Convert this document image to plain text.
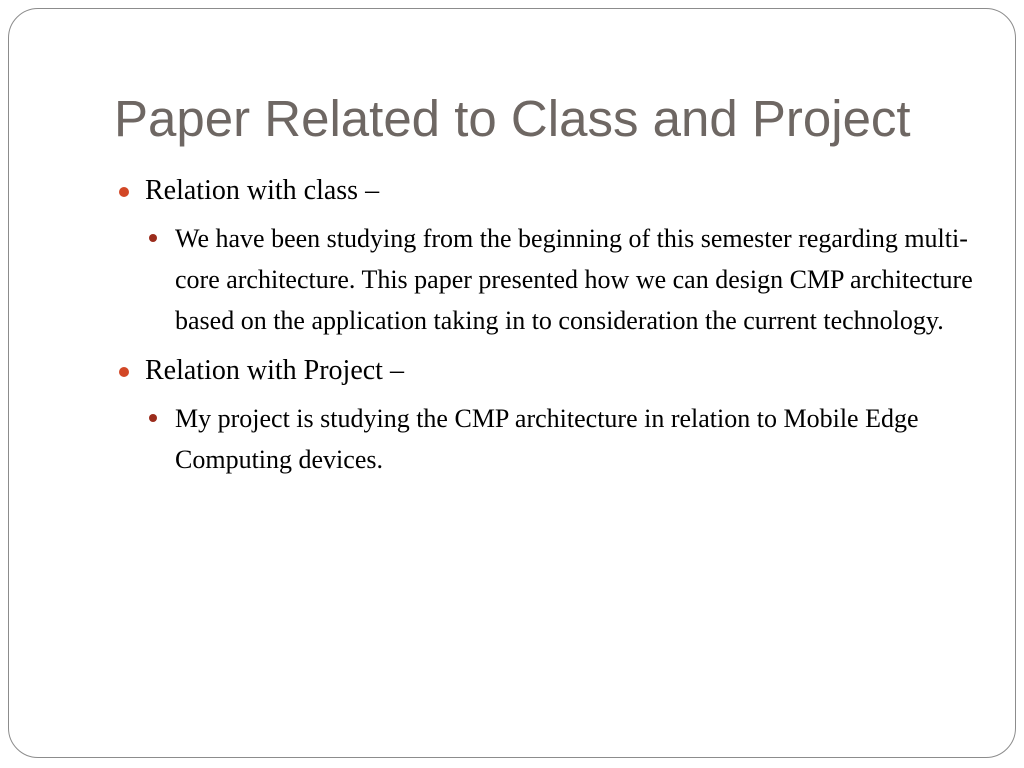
Paper Related to Class and Project
Relation with class –
We have been studying from the beginning of this semester regarding multi-core architecture. This paper presented how we can design CMP architecture based on the application taking in to consideration the current technology.
Relation with Project –
My project is studying the CMP architecture in relation to Mobile Edge Computing devices.
